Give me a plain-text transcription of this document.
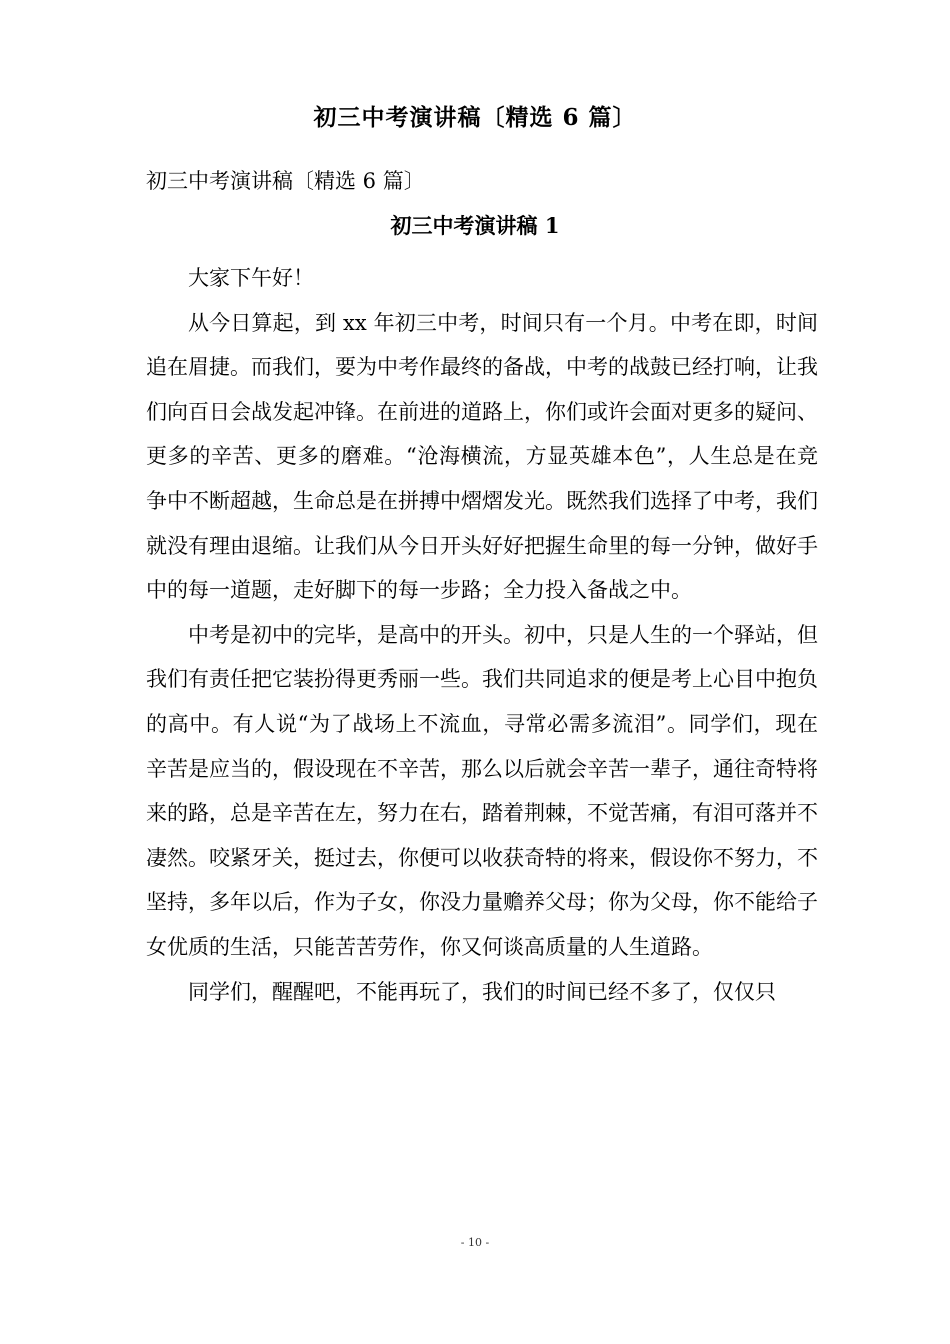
初三中考演讲稿〔精选 6 篇〕
初三中考演讲稿〔精选 6 篇〕
初三中考演讲稿 1

大家下午好！

从今日算起，到 xx 年初三中考，时间只有一个月。中考在即，时间追在眉捷。而我们，要为中考作最终的备战，中考的战鼓已经打响，让我们向百日会战发起冲锋。在前进的道路上，你们或许会面对更多的疑问、更多的辛苦、更多的磨难。“沧海横流，方显英雄本色”，人生总是在竞争中不断超越，生命总是在拼搏中熠熠发光。既然我们选择了中考，我们就没有理由退缩。让我们从今日开头好好把握生命里的每一分钟，做好手中的每一道题，走好脚下的每一步路；全力投入备战之中。

中考是初中的完毕，是高中的开头。初中，只是人生的一个驿站，但我们有责任把它装扮得更秀丽一些。我们共同追求的便是考上心目中抱负的高中。有人说“为了战场上不流血，寻常必需多流泪”。同学们，现在辛苦是应当的，假设现在不辛苦，那么以后就会辛苦一辈子，通往奇特将来的路，总是辛苦在左，努力在右，踏着荆棘，不觉苦痛，有泪可落并不凄然。咬紧牙关，挺过去，你便可以收获奇特的将来，假设你不努力，不坚持，多年以后，作为子女，你没力量赡养父母；你为父母，你不能给子女优质的生活，只能苦苦劳作，你又何谈高质量的人生道路。

同学们，醒醒吧，不能再玩了，我们的时间已经不多了，仅仅只

- 10 -
